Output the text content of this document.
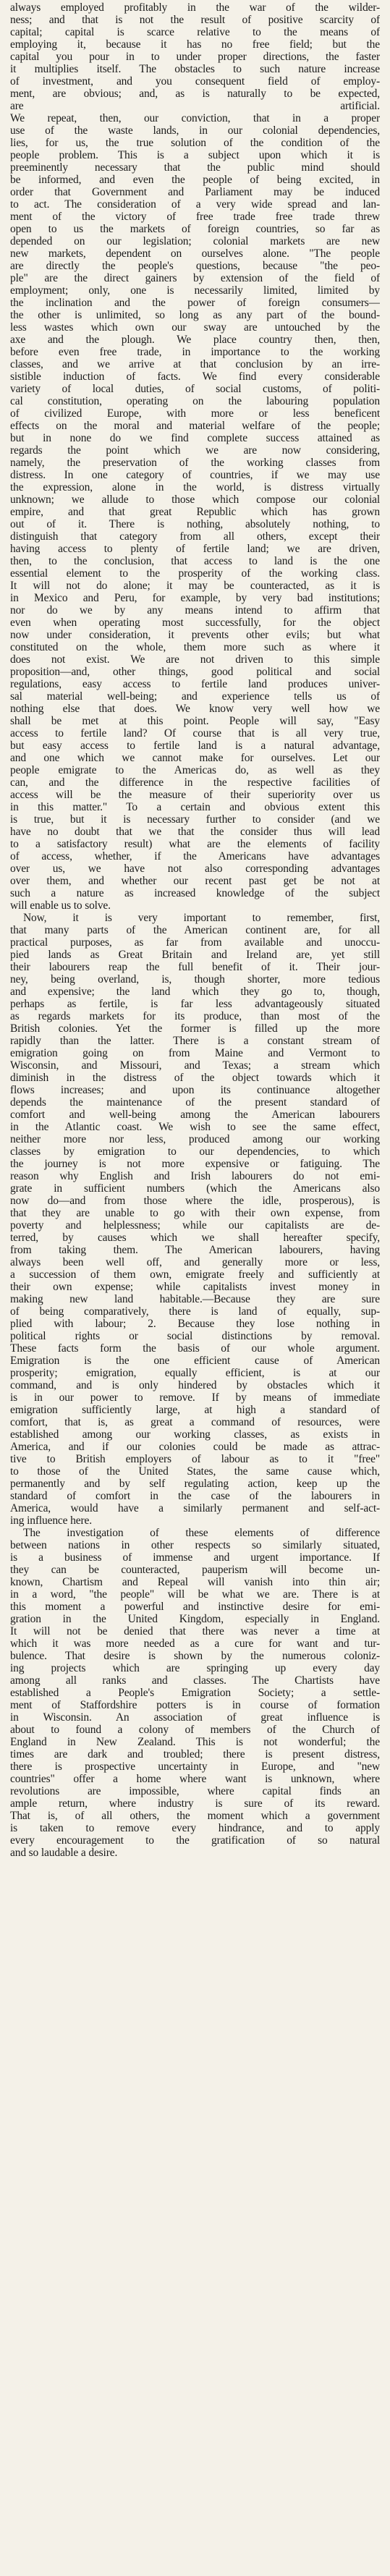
always employed profitably in the war of the wilder-
ness; and that is not the result of positive scarcity of
capital; capital is scarce relative to the means of
employing it, because it has no free field; but the
capital you pour in to under proper directions, the faster
it multiplies itself. The obstacles to such nature increase
of investment, and you consequent field of employ-
ment, are obvious; and, as is naturally to be expected,
are artificial.
We repeat, then, our conviction, that in a proper
use of the waste lands, in our colonial dependencies,
lies, for us, the true solution of the condition of the
people problem. This is a subject upon which it is
preeminently necessary that the public mind should
be informed, and even the people of being excited, in
order that Government and Parliament may be induced
to act. The consideration of a very wide spread and lan-
ment of the victory of free trade free trade threw
open to us the markets of foreign countries, so far as
depended on our legislation; colonial markets are new
new markets, dependent on ourselves alone. "The people
are directly the people's questions, because "the peo-
ple" are the direct gainers by extension of the field of
employment; only, one is necessarily limited, limited by
the inclination and the power of foreign consumers—
the other is unlimited, so long as any part of the bound-
less wastes which own our sway are untouched by the
axe and the plough. We place country then, then,
before even free trade, in importance to the working
classes, and we arrive at that conclusion by an irre-
sistible induction of facts. We find every considerable
variety of local duties, of social customs, of politi-
cal constitution, operating on the labouring population
of civilized Europe, with more or less beneficent
effects on the moral and material welfare of the people;
but in none do we find complete success attained as
regards the point which we are now considering,
namely, the preservation of the working classes from
distress. In one category of countries, if we may use
the expression, alone in the world, is distress virtually
unknown; we allude to those which compose our colonial
empire, and that great Republic which has grown
out of it. There is nothing, absolutely nothing, to
distinguish that category from all others, except their
having access to plenty of fertile land; we are driven,
then, to the conclusion, that access to land is the one
essential element to the prosperity of the working class.
It will not do alone; it may be counteracted, as it is
in Mexico and Peru, for example, by very bad institutions;
nor do we by any means intend to affirm that
even when operating most successfully, for the object
now under consideration, it prevents other evils; but what
constituted on the whole, them more such as where it
does not exist. We are not driven to this simple
proposition—and, other things, good political and social
regulations, easy access to fertile land produces univer-
sal material well-being; and experience tells us of
nothing else that does. We know very well how we
shall be met at this point. People will say, "Easy
access to fertile land? Of course that is all very true,
but easy access to fertile land is a natural advantage,
and one which we cannot make for ourselves. Let our
people emigrate to the Americas do, as well as they
can, and the difference in the respective facilities of
access will be the measure of their superiority over us
in this matter." To a certain and obvious extent this
is true, but it is necessary further to consider (and we
have no doubt that we that the consider thus will lead
to a satisfactory result) what are the elements of facility
of access, whether, if the Americans have advantages
over us, we have not also corresponding advantages
over them, and whether our recent past get be not at
such a nature as increased knowledge of the subject
will enable us to solve.
Now, it is very important to remember, first,
that many parts of the American continent are, for all
practical purposes, as far from available and unoccu-
pied lands as Great Britain and Ireland are, yet still
their labourers reap the full benefit of it. Their jour-
ney, being overland, is, though shorter, more tedious
and expensive; the land which they go to, though,
perhaps as fertile, is far less advantageously situated
as regards markets for its produce, than most of the
British colonies. Yet the former is filled up the more
rapidly than the latter. There is a constant stream of
emigration going on from Maine and Vermont to
Wisconsin, and Missouri, and Texas; a stream which
diminish in the distress of the object towards which it
flows increases; and upon its continuance altogether
depends the maintenance of the present standard of
comfort and well-being among the American labourers
in the Atlantic coast. We wish to see the same effect,
neither more nor less, produced among our working
classes by emigration to our dependencies, to which
the journey is not more expensive or fatiguing. The
reason why English and Irish labourers do not emi-
grate in sufficient numbers (which the Americans also
now do—and from those where the idle, prosperous), is
that they are unable to go with their own expense, from
poverty and helplessness; while our capitalists are de-
terred, by causes which we shall hereafter specify,
from taking them. The American labourers, having
always been well off, and generally more or less,
a succession of them own, emigrate freely and sufficiently at
their own expense; while capitalists invest money in
making new land habitable.—Because they are sure
of being comparatively, there is land of equally, sup-
plied with labour; 2. Because they lose nothing in
political rights or social distinctions by removal.
These facts form the basis of our whole argument.
Emigration is the one efficient cause of American
prosperity; emigration, equally efficient, is at our
command, and is only hindered by obstacles which it
is in our power to remove. If by means of immediate
emigration sufficiently large, at high a standard of
comfort, that is, as great a command of resources, were
established among our working classes, as exists in
America, and if our colonies could be made as attrac-
tive to British employers of labour as to it "free"
to those of the United States, the same cause which,
permanently and by self regulating action, keep up the
standard of comfort in the case of the labourers in
America, would have a similarly permanent and self-act-
ing influence here.
The investigation of these elements of difference
between nations in other respects so similarly situated,
is a business of immense and urgent importance. If
they can be counteracted, pauperism will become un-
known, Chartism and Repeal will vanish into thin air;
in a word, "the people" will be what we are. There is at
this moment a powerful and instinctive desire for emi-
gration in the United Kingdom, especially in England.
It will not be denied that there was never a time at
which it was more needed as a cure for want and tur-
bulence. That desire is shown by the numerous coloniz-
ing projects which are springing up every day
among all ranks and classes. The Chartists have
established a People's Emigration Society; a settle-
ment of Staffordshire potters is in course of formation
in Wisconsin. An association of great influence is
about to found a colony of members of the Church of
England in New Zealand. This is not wonderful; the
times are dark and troubled; there is present distress,
there is prospective uncertainty in Europe, and "new
countries" offer a home where want is unknown, where
revolutions are impossible, where capital finds an
ample return, where industry is sure of its reward.
That is, of all others, the moment which a government
is taken to remove every hindrance, and to apply
every encouragement to the gratification of so natural
and so laudable a desire.
